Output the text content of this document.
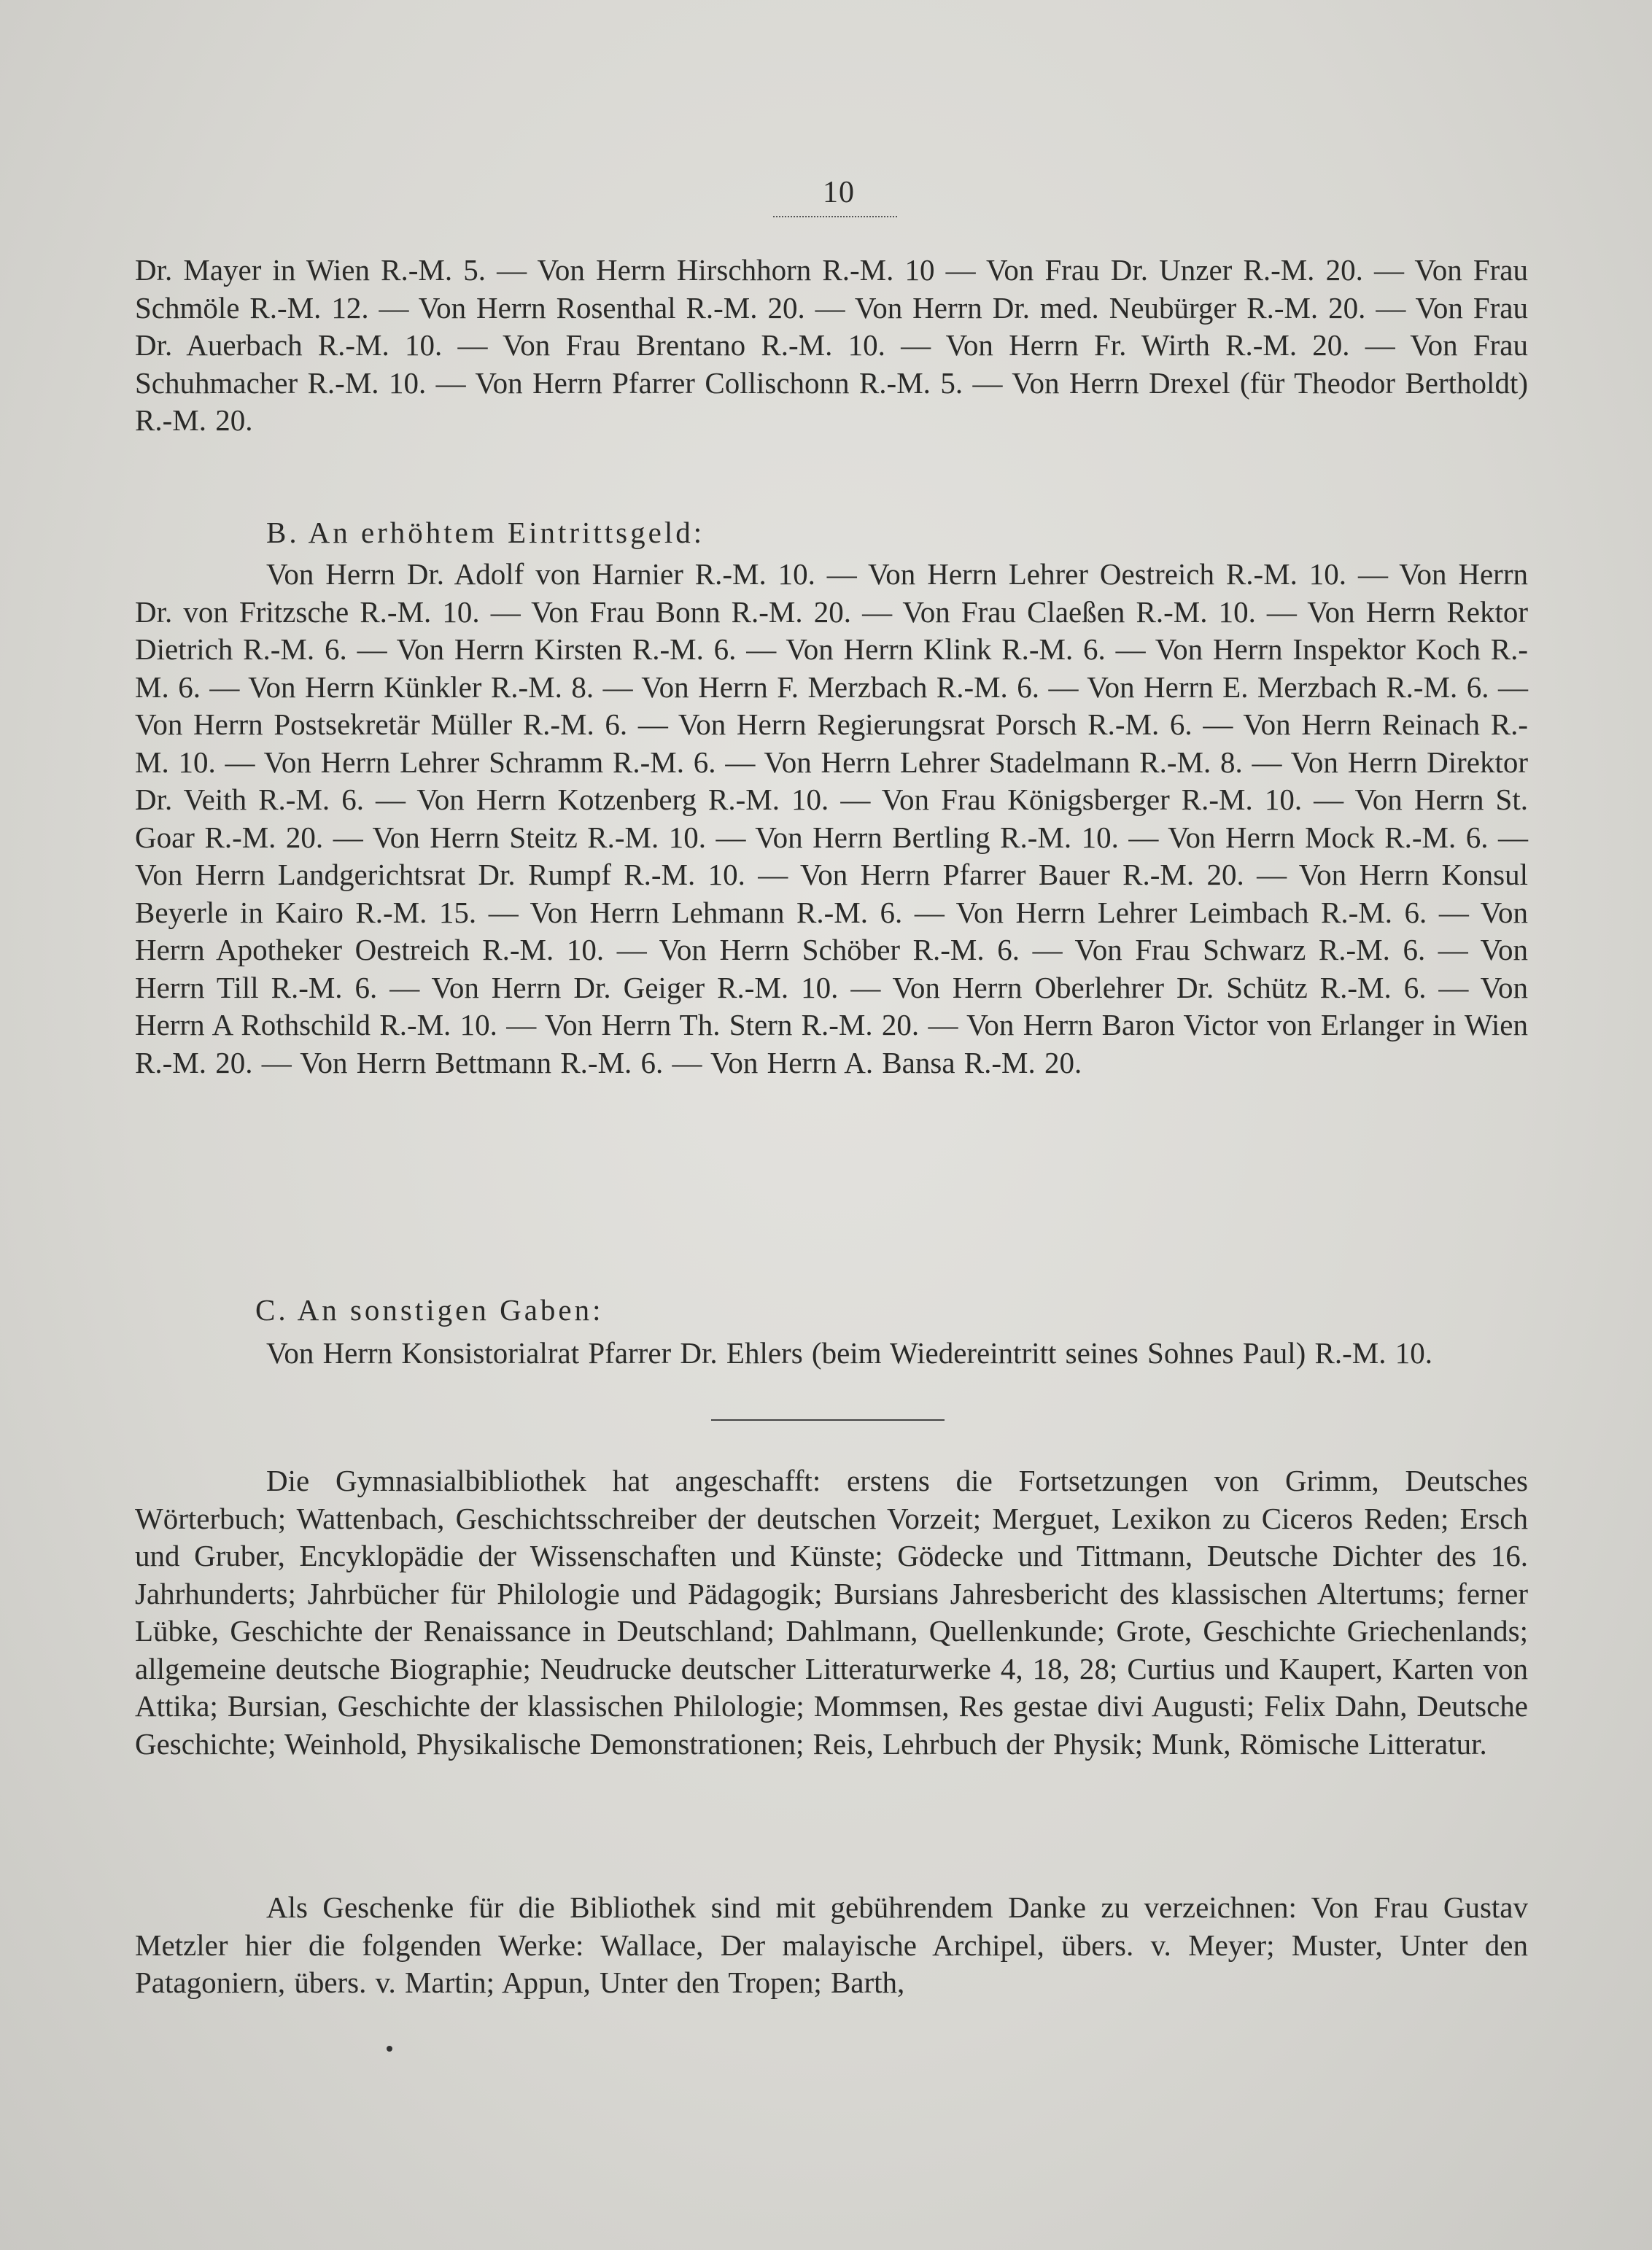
10

Dr. Mayer in Wien R.-M. 5. — Von Herrn Hirschhorn R.-M. 10 — Von Frau Dr. Unzer R.-M. 20. — Von Frau Schmöle R.-M. 12. — Von Herrn Rosenthal R.-M. 20. — Von Herrn Dr. med. Neubürger R.-M. 20. — Von Frau Dr. Auerbach R.-M. 10. — Von Frau Brentano R.-M. 10. — Von Herrn Fr. Wirth R.-M. 20. — Von Frau Schuhmacher R.-M. 10. — Von Herrn Pfarrer Collischonn R.-M. 5. — Von Herrn Drexel (für Theodor Bertholdt) R.-M. 20.

B. An erhöhtem Eintrittsgeld:

Von Herrn Dr. Adolf von Harnier R.-M. 10. — Von Herrn Lehrer Oestreich R.-M. 10. — Von Herrn Dr. von Fritzsche R.-M. 10. — Von Frau Bonn R.-M. 20. — Von Frau Claeßen R.-M. 10. — Von Herrn Rektor Dietrich R.-M. 6. — Von Herrn Kirsten R.-M. 6. — Von Herrn Klink R.-M. 6. — Von Herrn Inspektor Koch R.-M. 6. — Von Herrn Künkler R.-M. 8. — Von Herrn F. Merzbach R.-M. 6. — Von Herrn E. Merzbach R.-M. 6. — Von Herrn Postsekretär Müller R.-M. 6. — Von Herrn Regierungsrat Porsch R.-M. 6. — Von Herrn Reinach R.-M. 10. — Von Herrn Lehrer Schramm R.-M. 6. — Von Herrn Lehrer Stadelmann R.-M. 8. — Von Herrn Direktor Dr. Veith R.-M. 6. — Von Herrn Kotzenberg R.-M. 10. — Von Frau Königsberger R.-M. 10. — Von Herrn St. Goar R.-M. 20. — Von Herrn Steitz R.-M. 10. — Von Herrn Bertling R.-M. 10. — Von Herrn Mock R.-M. 6. — Von Herrn Landgerichtsrat Dr. Rumpf R.-M. 10. — Von Herrn Pfarrer Bauer R.-M. 20. — Von Herrn Konsul Beyerle in Kairo R.-M. 15. — Von Herrn Lehmann R.-M. 6. — Von Herrn Lehrer Leimbach R.-M. 6. — Von Herrn Apotheker Oestreich R.-M. 10. — Von Herrn Schöber R.-M. 6. — Von Frau Schwarz R.-M. 6. — Von Herrn Till R.-M. 6. — Von Herrn Dr. Geiger R.-M. 10. — Von Herrn Oberlehrer Dr. Schütz R.-M. 6. — Von Herrn A Rothschild R.-M. 10. — Von Herrn Th. Stern R.-M. 20. — Von Herrn Baron Victor von Erlanger in Wien R.-M. 20. — Von Herrn Bettmann R.-M. 6. — Von Herrn A. Bansa R.-M. 20.

C. An sonstigen Gaben:

Von Herrn Konsistorialrat Pfarrer Dr. Ehlers (beim Wiedereintritt seines Sohnes Paul) R.-M. 10.

Die Gymnasialbibliothek hat angeschafft: erstens die Fortsetzungen von Grimm, Deutsches Wörterbuch; Wattenbach, Geschichtsschreiber der deutschen Vorzeit; Merguet, Lexikon zu Ciceros Reden; Ersch und Gruber, Encyklopädie der Wissenschaften und Künste; Gödecke und Tittmann, Deutsche Dichter des 16. Jahrhunderts; Jahrbücher für Philologie und Pädagogik; Bursians Jahresbericht des klassischen Altertums; ferner Lübke, Geschichte der Renaissance in Deutschland; Dahlmann, Quellenkunde; Grote, Geschichte Griechenlands; allgemeine deutsche Biographie; Neudrucke deutscher Litteraturwerke 4, 18, 28; Curtius und Kaupert, Karten von Attika; Bursian, Geschichte der klassischen Philologie; Mommsen, Res gestae divi Augusti; Felix Dahn, Deutsche Geschichte; Weinhold, Physikalische Demonstrationen; Reis, Lehrbuch der Physik; Munk, Römische Litteratur.

Als Geschenke für die Bibliothek sind mit gebührendem Danke zu verzeichnen: Von Frau Gustav Metzler hier die folgenden Werke: Wallace, Der malayische Archipel, übers. v. Meyer; Muster, Unter den Patagoniern, übers. v. Martin; Appun, Unter den Tropen; Barth,
